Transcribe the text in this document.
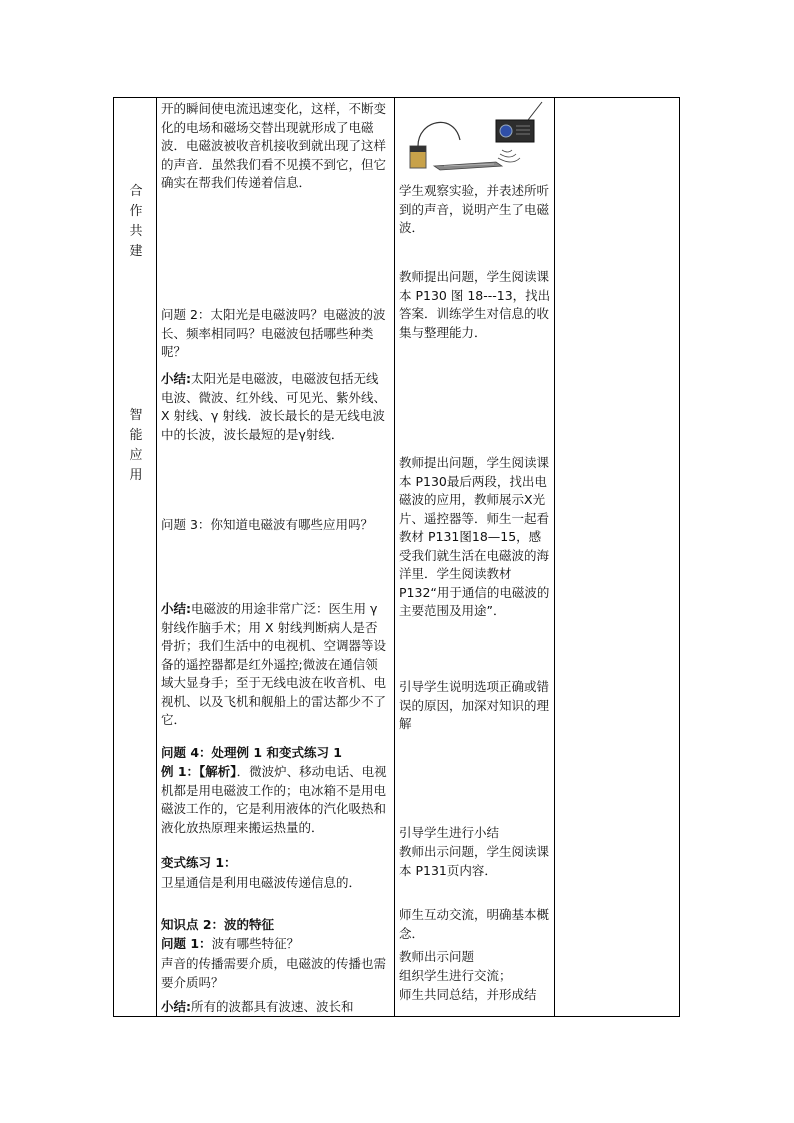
合
作
共
建
智
能
应
用

开的瞬间使电流迅速变化，这样，不断变化的电场和磁场交替出现就形成了电磁波．电磁波被收音机接收到就出现了这样的声音．虽然我们看不见摸不到它，但它确实在帮我们传递着信息．

问题 2：太阳光是电磁波吗？电磁波的波长、频率相同吗？电磁波包括哪些种类呢？

小结:太阳光是电磁波，电磁波包括无线电波、微波、红外线、可见光、紫外线、X 射线、γ 射线．波长最长的是无线电波中的长波，波长最短的是γ射线．

问题 3：你知道电磁波有哪些应用吗？

小结:电磁波的用途非常广泛：医生用 γ 射线作脑手术；用 X 射线判断病人是否骨折；我们生活中的电视机、空调器等设备的遥控器都是红外遥控;微波在通信领域大显身手；至于无线电波在收音机、电视机、以及飞机和舰船上的雷达都少不了它．

问题 4：处理例 1 和变式练习 1

例 1：【解析】．微波炉、移动电话、电视机都是用电磁波工作的；电冰箱不是用电磁波工作的，它是利用液体的汽化吸热和液化放热原理来搬运热量的．

变式练习 1：

卫星通信是利用电磁波传递信息的．

知识点 2：波的特征

问题 1：波有哪些特征？

声音的传播需要介质，电磁波的传播也需要介质吗？

小结:所有的波都具有波速、波长和

学生观察实验，并表述所听到的声音，说明产生了电磁波．

教师提出问题，学生阅读课本 P130 图 18---13，找出答案．训练学生对信息的收集与整理能力．

教师提出问题，学生阅读课本 P130最后两段，找出电磁波的应用，教师展示X光片、遥控器等．师生一起看教材 P131图18—15，感受我们就生活在电磁波的海洋里．学生阅读教材 P132“用于通信的电磁波的主要范围及用途”．

引导学生说明选项正确或错误的原因，加深对知识的理解

引导学生进行小结

教师出示问题，学生阅读课本 P131页内容．

师生互动交流，明确基本概念．

教师出示问题

组织学生进行交流；

师生共同总结，并形成结
